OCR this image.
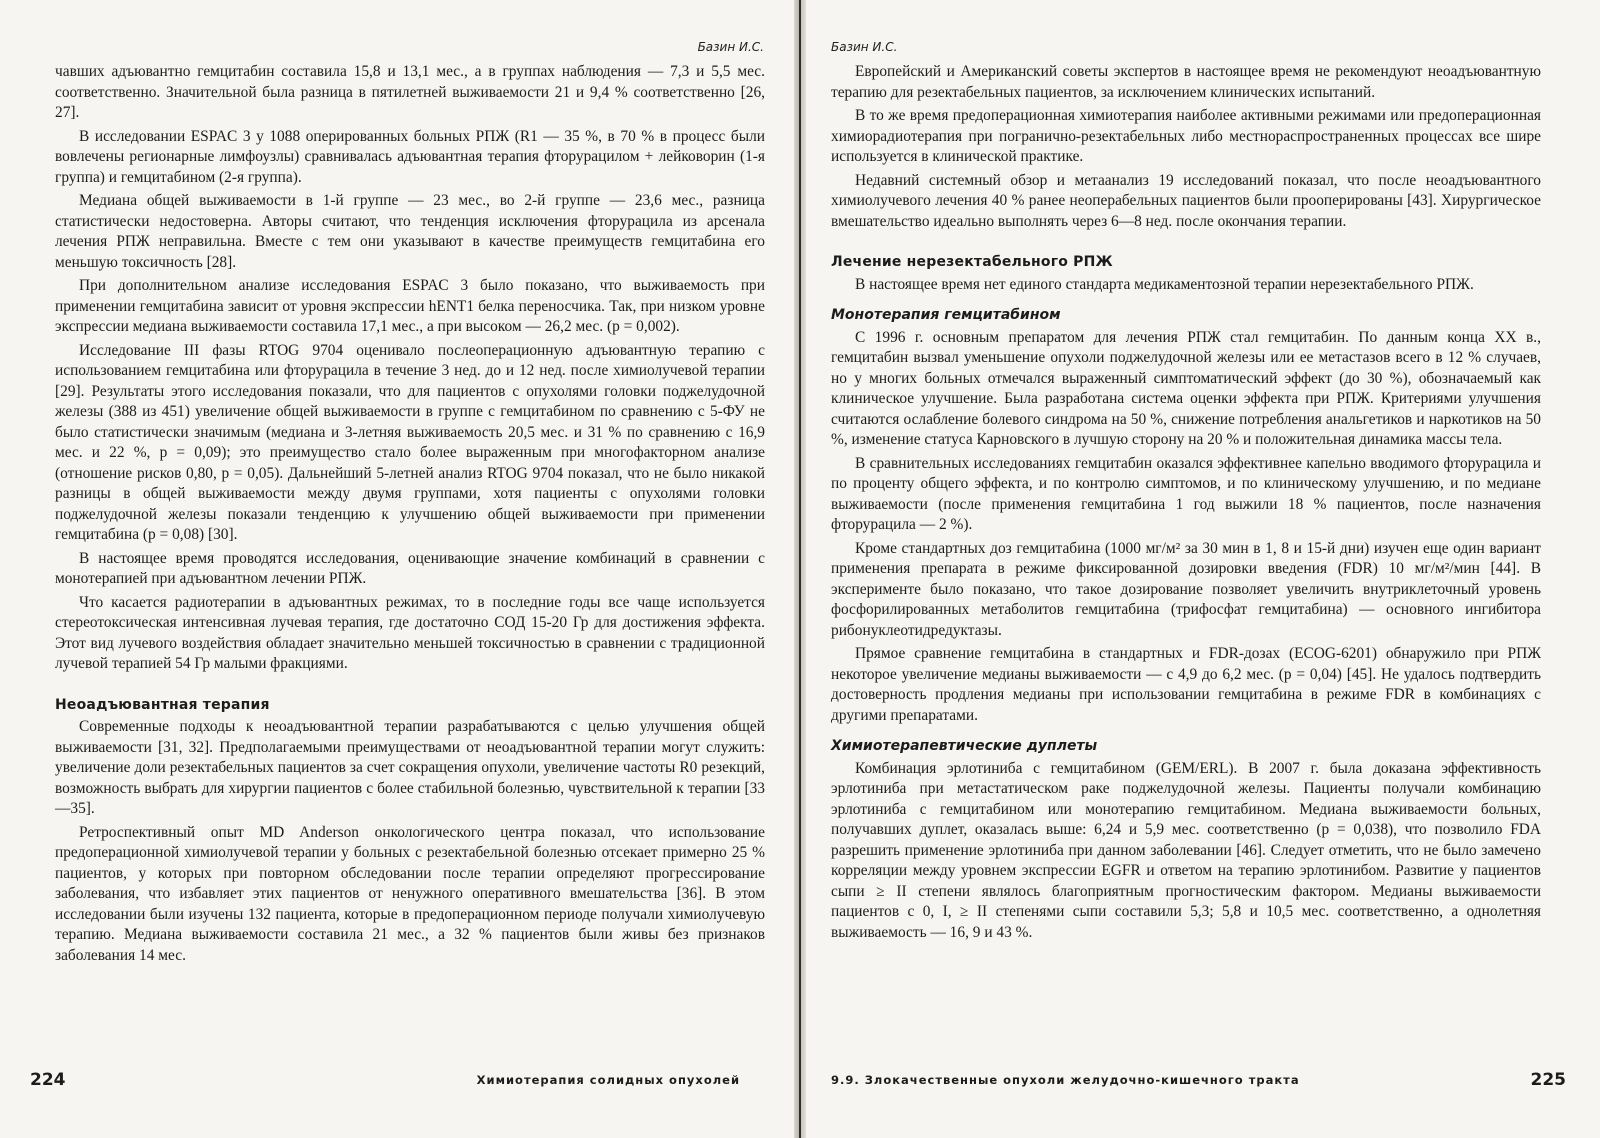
Базин И.С.

чавших адъювантно гемцитабин составила 15,8 и 13,1 мес., а в группах наблюдения — 7,3 и 5,5 мес. соответственно. Значительной была разница в пятилетней выживаемости 21 и 9,4 % соответственно [26, 27].

В исследовании ESPAC 3 у 1088 оперированных больных РПЖ (R1 — 35 %, в 70 % в процесс были вовлечены регионарные лимфоузлы) сравнивалась адъювантная терапия фторурацилом + лейковорин (1-я группа) и гемцитабином (2-я группа).

Медиана общей выживаемости в 1-й группе — 23 мес., во 2-й группе — 23,6 мес., разница статистически недостоверна. Авторы считают, что тенденция исключения фторурацила из арсенала лечения РПЖ неправильна. Вместе с тем они указывают в качестве преимуществ гемцитабина его меньшую токсичность [28].

При дополнительном анализе исследования ESPAC 3 было показано, что выживаемость при применении гемцитабина зависит от уровня экспрессии hENT1 белка переносчика. Так, при низком уровне экспрессии медиана выживаемости составила 17,1 мес., а при высоком — 26,2 мес. (p = 0,002).

Исследование III фазы RTOG 9704 оценивало послеоперационную адъювантную терапию с использованием гемцитабина или фторурацила в течение 3 нед. до и 12 нед. после химиолучевой терапии [29]. Результаты этого исследования показали, что для пациентов с опухолями головки поджелудочной железы (388 из 451) увеличение общей выживаемости в группе с гемцитабином по сравнению с 5-ФУ не было статистически значимым (медиана и 3-летняя выживаемость 20,5 мес. и 31 % по сравнению с 16,9 мес. и 22 %, p = 0,09); это преимущество стало более выраженным при многофакторном анализе (отношение рисков 0,80, p = 0,05). Дальнейший 5-летней анализ RTOG 9704 показал, что не было никакой разницы в общей выживаемости между двумя группами, хотя пациенты с опухолями головки поджелудочной железы показали тенденцию к улучшению общей выживаемости при применении гемцитабина (p = 0,08) [30].

В настоящее время проводятся исследования, оценивающие значение комбинаций в сравнении с монотерапией при адъювантном лечении РПЖ.

Что касается радиотерапии в адъювантных режимах, то в последние годы все чаще используется стереотоксическая интенсивная лучевая терапия, где достаточно СОД 15-20 Гр для достижения эффекта. Этот вид лучевого воздействия обладает значительно меньшей токсичностью в сравнении с традиционной лучевой терапией 54 Гр малыми фракциями.

Неоадъювантная терапия

Современные подходы к неоадъювантной терапии разрабатываются с целью улучшения общей выживаемости [31, 32]. Предполагаемыми преимуществами от неоадъювантной терапии могут служить: увеличение доли резектабельных пациентов за счет сокращения опухоли, увеличение частоты R0 резекций, возможность выбрать для хирургии пациентов с более стабильной болезнью, чувствительной к терапии [33—35].

Ретроспективный опыт MD Anderson онкологического центра показал, что использование предоперационной химиолучевой терапии у больных с резектабельной болезнью отсекает примерно 25 % пациентов, у которых при повторном обследовании после терапии определяют прогрессирование заболевания, что избавляет этих пациентов от ненужного оперативного вмешательства [36]. В этом исследовании были изучены 132 пациента, которые в предоперационном периоде получали химиолучевую терапию. Медиана выживаемости составила 21 мес., а 32 % пациентов были живы без признаков заболевания 14 мес.

224	Химиотерапия солидных опухолей
Базин И.С.

Европейский и Американский советы экспертов в настоящее время не рекомендуют неоадъювантную терапию для резектабельных пациентов, за исключением клинических испытаний.

В то же время предоперационная химиотерапия наиболее активными режимами или предоперационная химиорадиотерапия при погранично-резектабельных либо местнораспространенных процессах все шире используется в клинической практике.

Недавний системный обзор и метаанализ 19 исследований показал, что после неоадъювантного химиолучевого лечения 40 % ранее неоперабельных пациентов были прооперированы [43]. Хирургическое вмешательство идеально выполнять через 6—8 нед. после окончания терапии.

Лечение нерезектабельного РПЖ

В настоящее время нет единого стандарта медикаментозной терапии нерезектабельного РПЖ.

Монотерапия гемцитабином

С 1996 г. основным препаратом для лечения РПЖ стал гемцитабин. По данным конца XX в., гемцитабин вызвал уменьшение опухоли поджелудочной железы или ее метастазов всего в 12 % случаев, но у многих больных отмечался выраженный симптоматический эффект (до 30 %), обозначаемый как клиническое улучшение. Была разработана система оценки эффекта при РПЖ. Критериями улучшения считаются ослабление болевого синдрома на 50 %, снижение потребления анальгетиков и наркотиков на 50 %, изменение статуса Карновского в лучшую сторону на 20 % и положительная динамика массы тела.

В сравнительных исследованиях гемцитабин оказался эффективнее капельно вводимого фторурацила и по проценту общего эффекта, и по контролю симптомов, и по клиническому улучшению, и по медиане выживаемости (после применения гемцитабина 1 год выжили 18 % пациентов, после назначения фторурацила — 2 %).

Кроме стандартных доз гемцитабина (1000 мг/м² за 30 мин в 1, 8 и 15-й дни) изучен еще один вариант применения препарата в режиме фиксированной дозировки введения (FDR) 10 мг/м²/мин [44]. В эксперименте было показано, что такое дозирование позволяет увеличить внутриклеточный уровень фосфорилированных метаболитов гемцитабина (трифосфат гемцитабина) — основного ингибитора рибонуклеотидредуктазы.

Прямое сравнение гемцитабина в стандартных и FDR-дозах (ECOG-6201) обнаружило при РПЖ некоторое увеличение медианы выживаемости — с 4,9 до 6,2 мес. (p = 0,04) [45]. Не удалось подтвердить достоверность продления медианы при использовании гемцитабина в режиме FDR в комбинациях с другими препаратами.

Химиотерапевтические дуплеты

Комбинация эрлотиниба с гемцитабином (GEM/ERL). В 2007 г. была доказана эффективность эрлотиниба при метастатическом раке поджелудочной железы. Пациенты получали комбинацию эрлотиниба с гемцитабином или монотерапию гемцитабином. Медиана выживаемости больных, получавших дуплет, оказалась выше: 6,24 и 5,9 мес. соответственно (p = 0,038), что позволило FDA разрешить применение эрлотиниба при данном заболевании [46]. Следует отметить, что не было замечено корреляции между уровнем экспрессии EGFR и ответом на терапию эрлотинибом. Развитие у пациентов сыпи ≥ II степени являлось благоприятным прогностическим фактором. Медианы выживаемости пациентов с 0, I, ≥ II степенями сыпи составили 5,3; 5,8 и 10,5 мес. соответственно, а однолетняя выживаемость — 16, 9 и 43 %.

9.9. Злокачественные опухоли желудочно-кишечного тракта	225
